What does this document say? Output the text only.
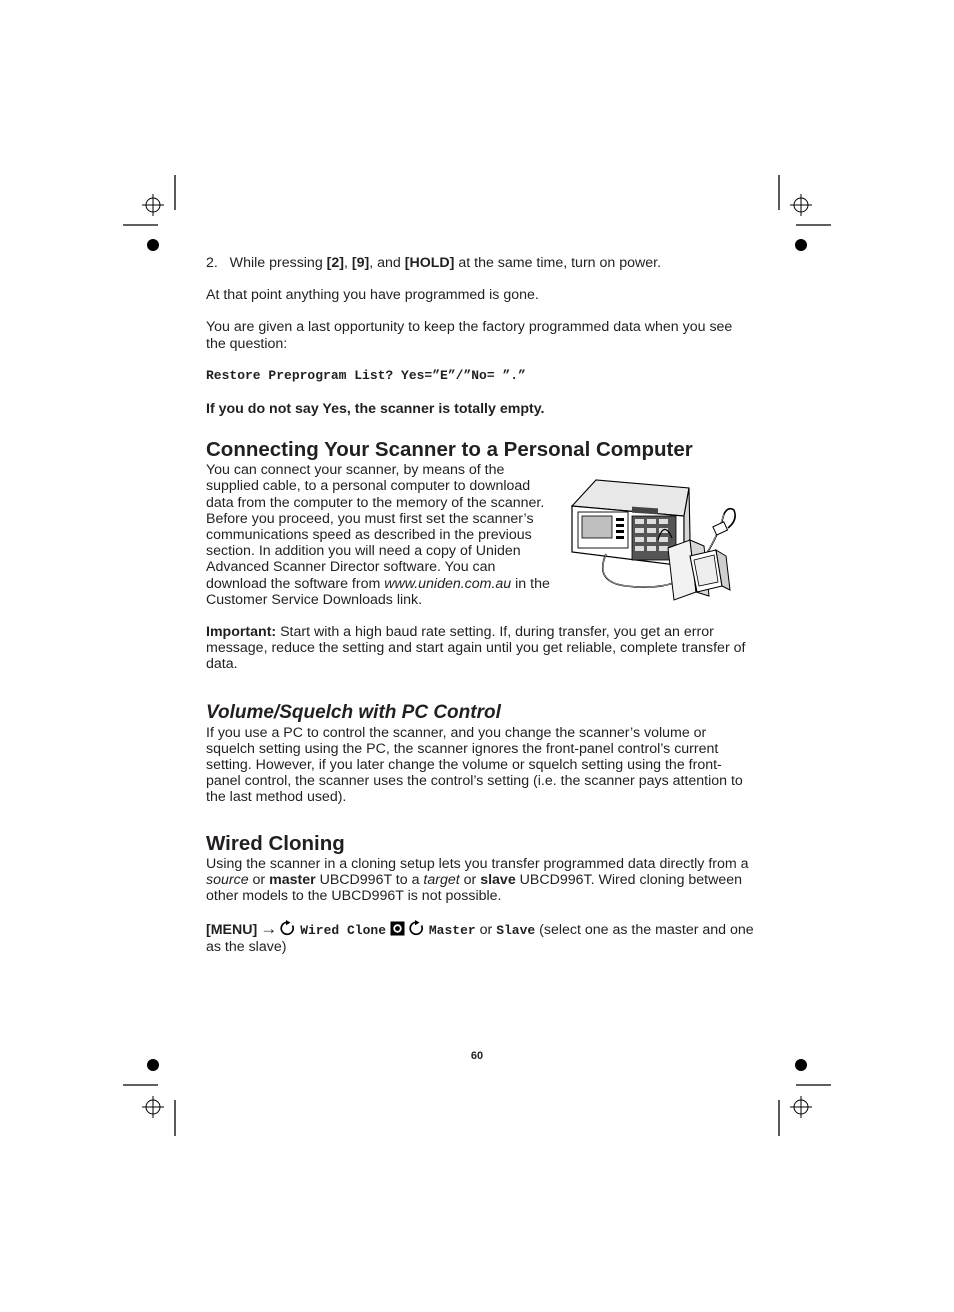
2. While pressing [2], [9], and [HOLD] at the same time, turn on power.

At that point anything you have programmed is gone.

You are given a last opportunity to keep the factory programmed data when you see the question:

Restore Preprogram List? Yes=”E”/”No= ”.”

If you do not say Yes, the scanner is totally empty.

Connecting Your Scanner to a Personal Computer

You can connect your scanner, by means of the supplied cable, to a personal computer to download data from the computer to the memory of the scanner. Before you proceed, you must first set the scanner’s communications speed as described in the previous section. In addition you will need a copy of Uniden Advanced Scanner Director software. You can download the software from www.uniden.com.au in the Customer Service Downloads link.

Important: Start with a high baud rate setting. If, during transfer, you get an error message, reduce the setting and start again until you get reliable, complete transfer of data.

Volume/Squelch with PC Control

If you use a PC to control the scanner, and you change the scanner’s volume or squelch setting using the PC, the scanner ignores the front-panel control’s current setting. However, if you later change the volume or squelch setting using the front-panel control, the scanner uses the control’s setting (i.e. the scanner pays attention to the last method used).

Wired Cloning

Using the scanner in a cloning setup lets you transfer programmed data directly from a source or master UBCD996T to a target or slave UBCD996T. Wired cloning between other models to the UBCD996T is not possible.

[MENU] → Wired Clone	Master or Slave (select one as the master and one as the slave)

60
